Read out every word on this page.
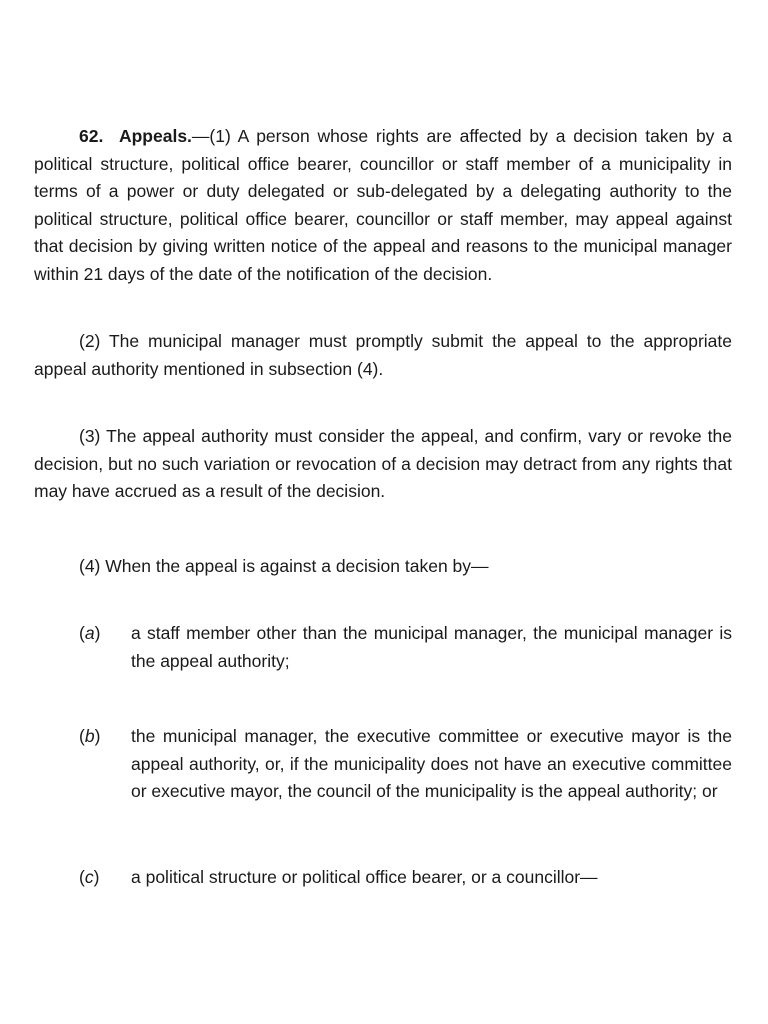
62. Appeals.—(1) A person whose rights are affected by a decision taken by a political structure, political office bearer, councillor or staff member of a municipality in terms of a power or duty delegated or sub-delegated by a delegating authority to the political structure, political office bearer, councillor or staff member, may appeal against that decision by giving written notice of the appeal and reasons to the municipal manager within 21 days of the date of the notification of the decision.

(2) The municipal manager must promptly submit the appeal to the appropriate appeal authority mentioned in subsection (4).

(3) The appeal authority must consider the appeal, and confirm, vary or revoke the decision, but no such variation or revocation of a decision may detract from any rights that may have accrued as a result of the decision.

(4) When the appeal is against a decision taken by—

(a) a staff member other than the municipal manager, the municipal manager is the appeal authority;
(b) the municipal manager, the executive committee or executive mayor is the appeal authority, or, if the municipality does not have an executive committee or executive mayor, the council of the municipality is the appeal authority; or
(c) a political structure or political office bearer, or a councillor—
